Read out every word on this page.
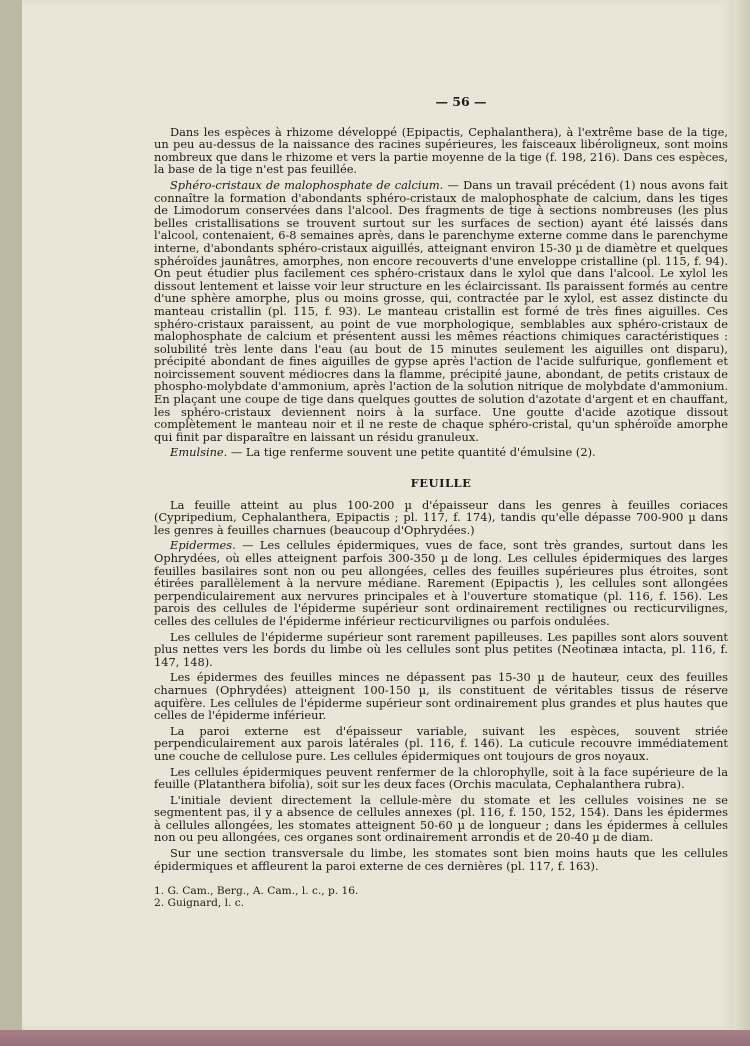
— 56 —

Dans les espèces à rhizome développé (Epipactis, Cephalanthera), à l'extrême base de la tige, un peu au-dessus de la naissance des racines supérieures, les faisceaux libéroligneux, sont moins nombreux que dans le rhizome et vers la partie moyenne de la tige (f. 198, 216). Dans ces espèces, la base de la tige n'est pas feuillée.

Sphéro-cristaux de malophosphate de calcium. — Dans un travail précédent (1) nous avons fait connaître la formation d'abondants sphéro-cristaux de malophosphate de calcium, dans les tiges de Limodorum conservées dans l'alcool. Des fragments de tige à sections nombreuses (les plus belles cristallisations se trouvent surtout sur les surfaces de section) ayant été laissés dans l'alcool, contenaient, 6-8 semaines après, dans le parenchyme externe comme dans le parenchyme interne, d'abondants sphéro-cristaux aiguillés, atteignant environ 15-30 µ de diamètre et quelques sphéroïdes jaunâtres, amorphes, non encore recouverts d'une enveloppe cristalline (pl. 115, f. 94). On peut étudier plus facilement ces sphéro-cristaux dans le xylol que dans l'alcool. Le xylol les dissout lentement et laisse voir leur structure en les éclaircissant. Ils paraissent formés au centre d'une sphère amorphe, plus ou moins grosse, qui, contractée par le xylol, est assez distincte du manteau cristallin (pl. 115, f. 93). Le manteau cristallin est formé de très fines aiguilles. Ces sphéro-cristaux paraissent, au point de vue morphologique, semblables aux sphéro-cristaux de malophosphate de calcium et présentent aussi les mêmes réactions chimiques caractéristiques : solubilité très lente dans l'eau (au bout de 15 minutes seulement les aiguilles ont disparu), précipité abondant de fines aiguilles de gypse après l'action de l'acide sulfurique, gonflement et noircissement souvent médiocres dans la flamme, précipité jaune, abondant, de petits cristaux de phospho-molybdate d'ammonium, après l'action de la solution nitrique de molybdate d'ammonium. En plaçant une coupe de tige dans quelques gouttes de solution d'azotate d'argent et en chauffant, les sphéro-cristaux deviennent noirs à la surface. Une goutte d'acide azotique dissout complètement le manteau noir et il ne reste de chaque sphéro-cristal, qu'un sphéroïde amorphe qui finit par disparaître en laissant un résidu granuleux.

Emulsine. — La tige renferme souvent une petite quantité d'émulsine (2).

FEUILLE

La feuille atteint au plus 100-200 µ d'épaisseur dans les genres à feuilles coriaces (Cypripedium, Cephalanthera, Epipactis ; pl. 117, f. 174), tandis qu'elle dépasse 700-900 µ dans les genres à feuilles charnues (beaucoup d'Ophrydées.)

Epidermes. — Les cellules épidermiques, vues de face, sont très grandes, surtout dans les Ophrydées, où elles atteignent parfois 300-350 µ de long. Les cellules épidermiques des larges feuilles basilaires sont non ou peu allongées, celles des feuilles supérieures plus étroites, sont étirées parallèlement à la nervure médiane. Rarement (Epipactis ), les cellules sont allongées perpendiculairement aux nervures principales et à l'ouverture stomatique (pl. 116, f. 156). Les parois des cellules de l'épiderme supérieur sont ordinairement rectilignes ou recticurvilignes, celles des cellules de l'épiderme inférieur recticurvilignes ou parfois ondulées.

Les cellules de l'épiderme supérieur sont rarement papilleuses. Les papilles sont alors souvent plus nettes vers les bords du limbe où les cellules sont plus petites (Neotinæa intacta, pl. 116, f. 147, 148).

Les épidermes des feuilles minces ne dépassent pas 15-30 µ de hauteur, ceux des feuilles charnues (Ophrydées) atteignent 100-150 µ, ils constituent de véritables tissus de réserve aquifère. Les cellules de l'épiderme supérieur sont ordinairement plus grandes et plus hautes que celles de l'épiderme inférieur.

La paroi externe est d'épaisseur variable, suivant les espèces, souvent striée perpendiculairement aux parois latérales (pl. 116, f. 146). La cuticule recouvre immédiatement une couche de cellulose pure. Les cellules épidermiques ont toujours de gros noyaux.

Les cellules épidermiques peuvent renfermer de la chlorophylle, soit à la face supérieure de la feuille (Platanthera bifolia), soit sur les deux faces (Orchis maculata, Cephalanthera rubra).

L'initiale devient directement la cellule-mère du stomate et les cellules voisines ne se segmentent pas, il y a absence de cellules annexes (pl. 116, f. 150, 152, 154). Dans les épidermes à cellules allongées, les stomates atteignent 50-60 µ de longueur ; dans les épidermes à cellules non ou peu allongées, ces organes sont ordinairement arrondis et de 20-40 µ de diam.

Sur une section transversale du limbe, les stomates sont bien moins hauts que les cellules épidermiques et affleurent la paroi externe de ces dernières (pl. 117, f. 163).

1. G. Cam., Berg., A. Cam., l. c., p. 16.
2. Guignard, l. c.
